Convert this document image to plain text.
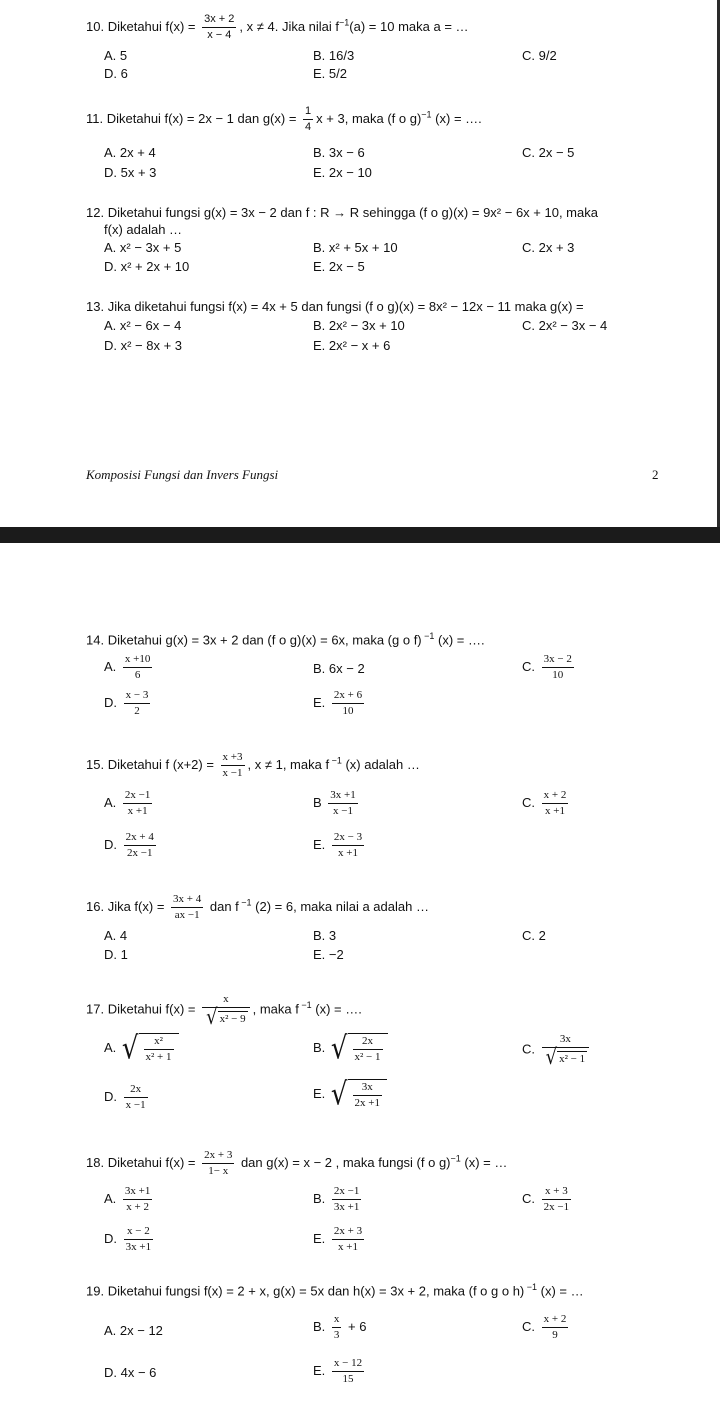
10. Diketahui $f(x) = \frac{3x + 2}{x - 4}$ , x ≠ 4. Jika nilai $f^{-1}(a) = 10$ maka a = …
A. 5	B. 16/3	C. 9/2
D. 6	E. 5/2
11. Diketahui f(x) = 2x − 1 dan $g(x) = \frac{1}{4}$ x + 3, maka (f o g)$^{-1}$ (x) = ….
A. 2x + 4	B. 3x − 6	C. 2x − 5
D. 5x + 3	E. 2x − 10
12. Diketahui fungsi g(x) = 3x − 2 dan f : R → R sehingga (f o g)(x) = 9x² − 6x + 10, maka
f(x) adalah …
A. x² − 3x + 5	B. x² + 5x + 10	C. 2x + 3
D. x² + 2x + 10	E. 2x − 5
13. Jika diketahui fungsi f(x) = 4x + 5 dan fungsi (f o g)(x) = 8x² − 12x − 11 maka g(x) =
A. x² − 6x − 4	B. 2x² − 3x + 10	C. 2x² − 3x − 4
D. x² − 8x + 3	E. 2x² − x + 6
Komposisi Fungsi dan Invers Fungsi	2
14. Diketahui g(x) = 3x + 2 dan (f o g)(x) = 6x, maka (g o f) $^{-1}$ (x) = ….
A. $\frac{x +10}{6}$	B. 6x − 2	C. $\frac{3x - 2}{10}$
D. $\frac{x - 3}{2}$	E. $\frac{2x + 6}{10}$
15. Diketahui f $(x+2) = \frac{x +3}{x -1}$ , x ≠ 1, maka f $^{-1}$ (x) adalah …
A. $\frac{2x -1}{x +1}$	B $\frac{3x +1}{x -1}$	C. $\frac{x + 2}{x +1}$
D. $\frac{2x + 4}{2x -1}$	E. $\frac{2x - 3}{x +1}$
16. Jika $f(x) = \frac{3x + 4}{ax -1}$ dan f $^{-1}$ (2) = 6, maka nilai a adalah …
A. 4	B. 3	C. 2
D. 1	E. −2
17. Diketahui $f(x) = \frac{x}{\text{√ x² − 9}}$ , maka f $^{-1}$ (x) = ….
A. √ $\frac{\text{x²}}{\text{x² + 1}}$	B. √ $\frac{2x}{\text{x² − 1}}$	C. $\frac{3x}{\text{√ x² − 1}}$
D. $\frac{2x}{x -1}$	E. √ $\frac{3x}{2x +1}$
18. Diketahui $f(x) = \frac{2x + 3}{1- x}$ dan g(x) = x − 2 , maka fungsi (f o g)$^{-1}$ (x) = …
A. $\frac{3x +1}{x + 2}$	B. $\frac{2x -1}{3x +1}$	C. $\frac{x + 3}{2x -1}$
D. $\frac{x - 2}{3x +1}$	E. $\frac{2x + 3}{x +1}$
19. Diketahui fungsi f(x) = 2 + x, g(x) = 5x dan h(x) = 3x + 2, maka (f o g o h) $^{-1}$ (x) = …
A. 2x − 12	B. $\frac{x}{3} + 6$	C. $\frac{x + 2}{9}$
D. 4x − 6	E. $\frac{x - 12}{15}$
